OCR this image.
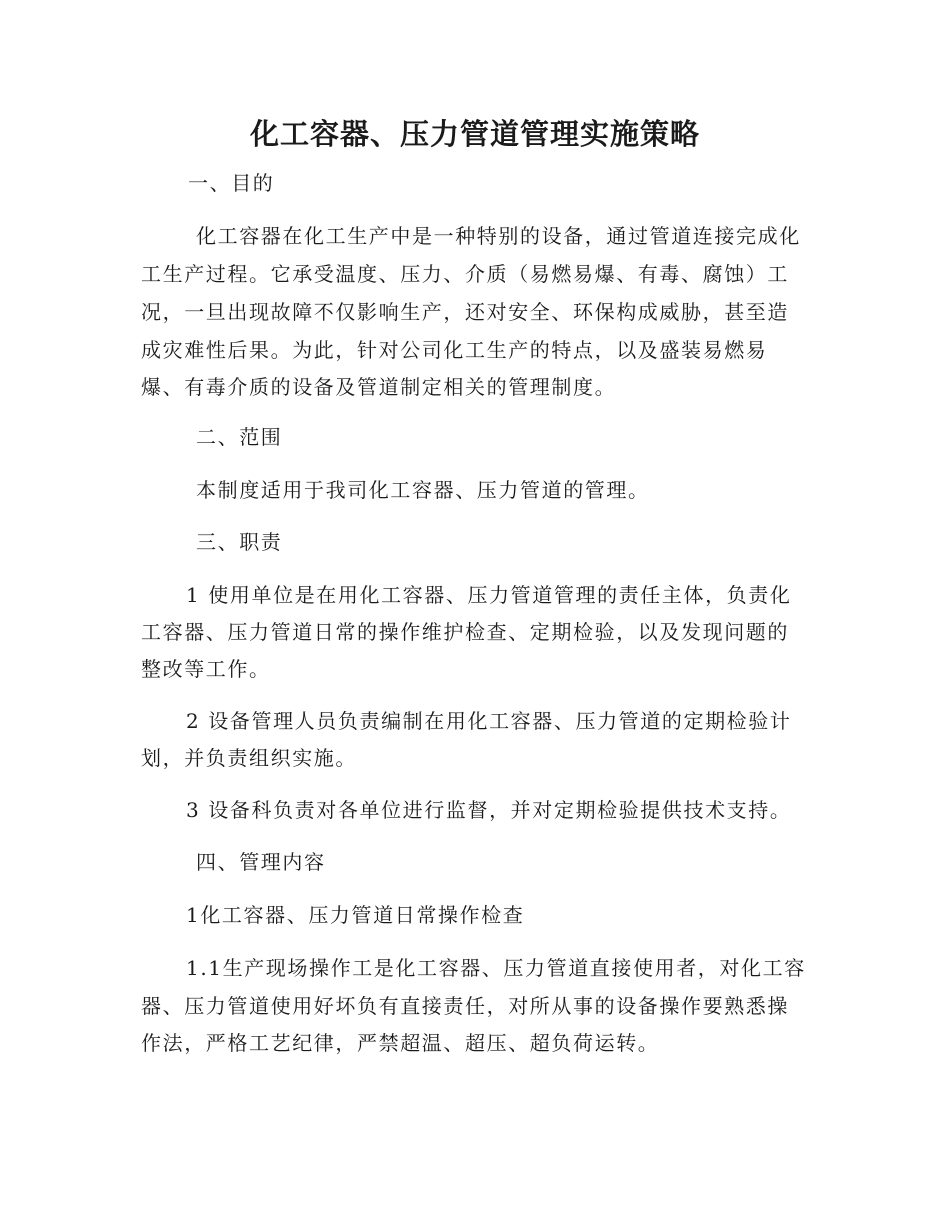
化工容器、压力管道管理实施策略
一、目的
化工容器在化工生产中是一种特别的设备，通过管道连接完成化
工生产过程。它承受温度、压力、介质（易燃易爆、有毒、腐蚀）工
况，一旦出现故障不仅影响生产，还对安全、环保构成威胁，甚至造
成灾难性后果。为此，针对公司化工生产的特点，以及盛装易燃易
爆、有毒介质的设备及管道制定相关的管理制度。
二、范围
本制度适用于我司化工容器、压力管道的管理。
三、职责
1 使用单位是在用化工容器、压力管道管理的责任主体，负责化
工容器、压力管道日常的操作维护检查、定期检验，以及发现问题的
整改等工作。
2 设备管理人员负责编制在用化工容器、压力管道的定期检验计
划，并负责组织实施。
3 设备科负责对各单位进行监督，并对定期检验提供技术支持。
四、管理内容
1化工容器、压力管道日常操作检查
1.1生产现场操作工是化工容器、压力管道直接使用者，对化工容
器、压力管道使用好坏负有直接责任，对所从事的设备操作要熟悉操
作法，严格工艺纪律，严禁超温、超压、超负荷运转。
